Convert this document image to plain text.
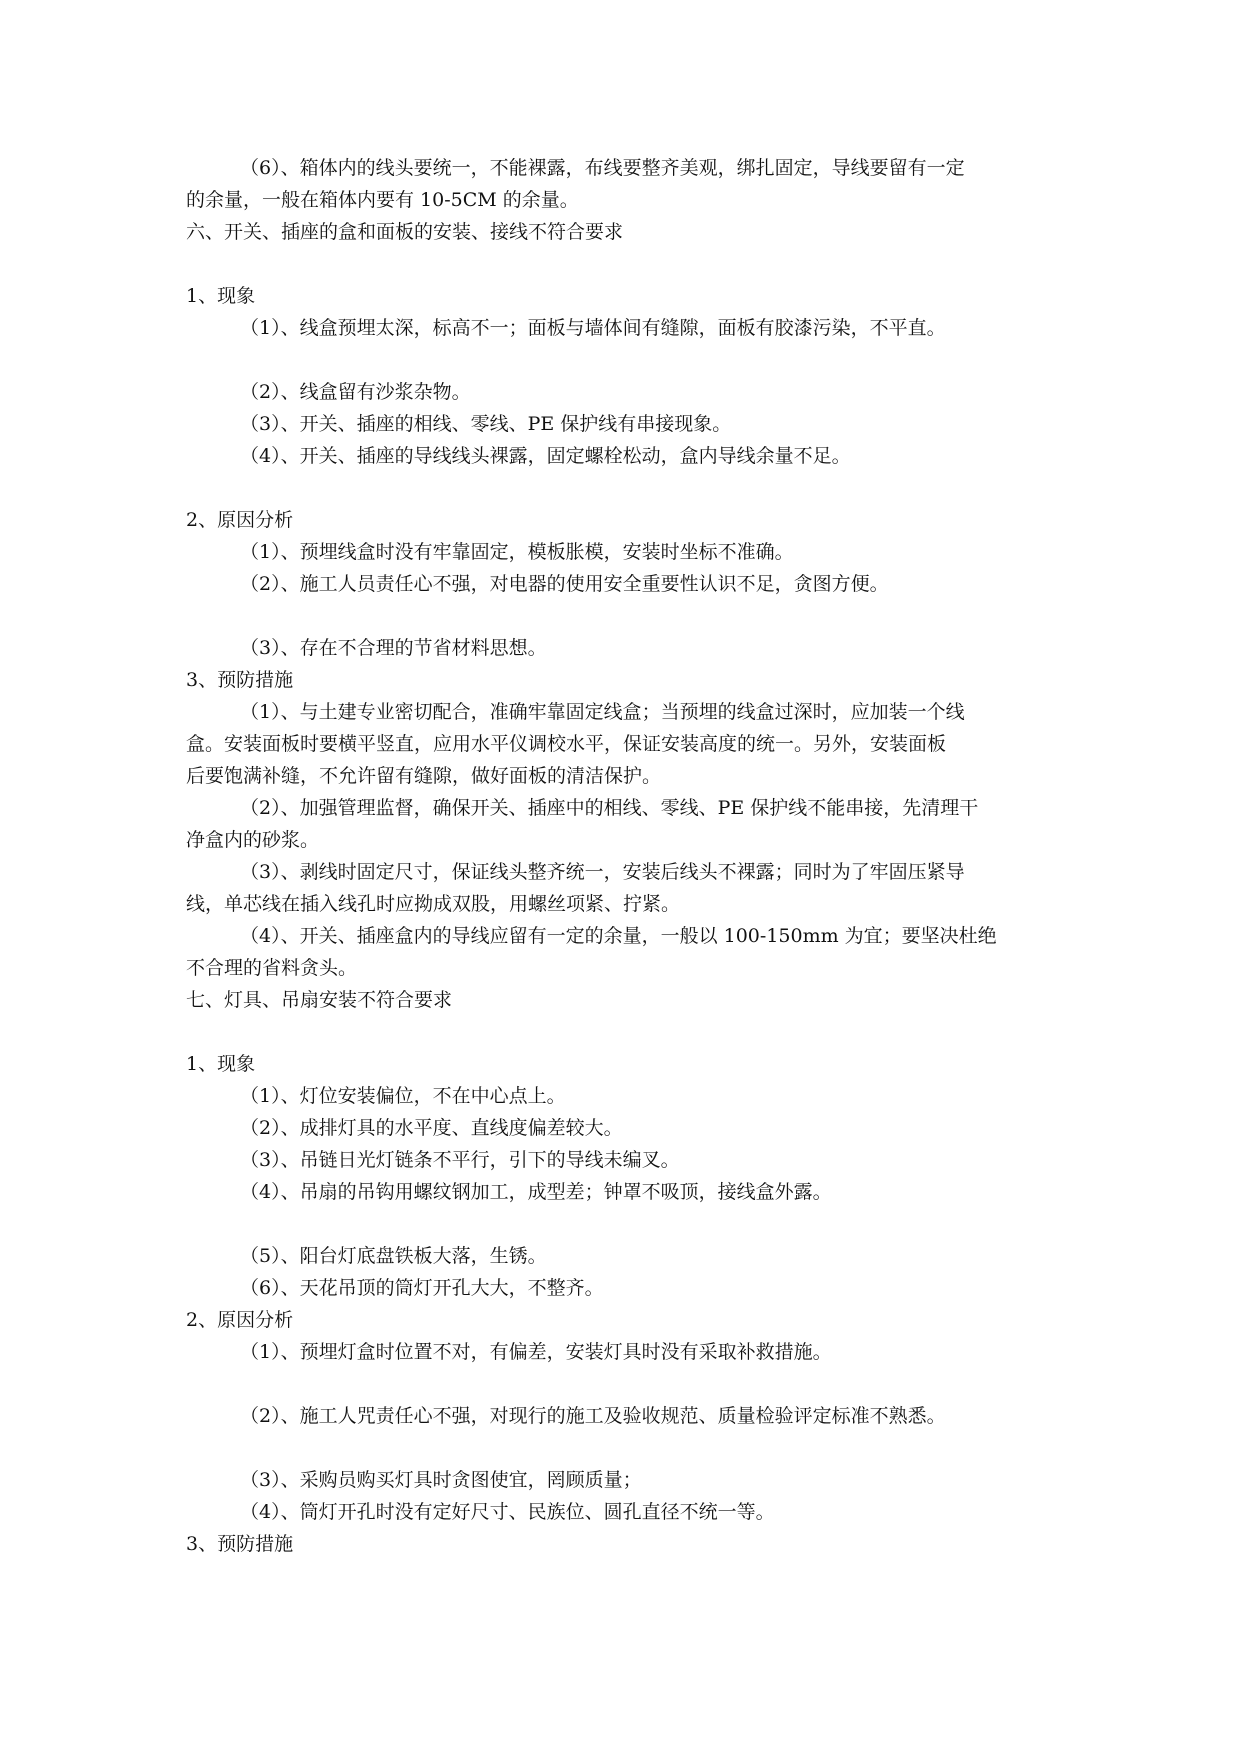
（6）、箱体内的线头要统一，不能裸露，布线要整齐美观，绑扎固定，导线要留有一定
的余量，一般在箱体内要有 10-5CM 的余量。
六、开关、插座的盒和面板的安装、接线不符合要求
1、现象
（1）、线盒预埋太深，标高不一；面板与墙体间有缝隙，面板有胶漆污染，不平直。
（2）、线盒留有沙浆杂物。
（3）、开关、插座的相线、零线、PE 保护线有串接现象。
（4）、开关、插座的导线线头裸露，固定螺栓松动，盒内导线余量不足。
2、原因分析
（1）、预埋线盒时没有牢靠固定，模板胀模，安装时坐标不准确。
（2）、施工人员责任心不强，对电器的使用安全重要性认识不足，贪图方便。
（3）、存在不合理的节省材料思想。
3、预防措施
（1）、与土建专业密切配合，准确牢靠固定线盒；当预埋的线盒过深时，应加装一个线
盒。安装面板时要横平竖直，应用水平仪调校水平，保证安装高度的统一。另外，安装面板
后要饱满补缝，不允许留有缝隙，做好面板的清洁保护。
（2）、加强管理监督，确保开关、插座中的相线、零线、PE 保护线不能串接，先清理干
净盒内的砂浆。
（3）、剥线时固定尺寸，保证线头整齐统一，安装后线头不裸露；同时为了牢固压紧导
线，单芯线在插入线孔时应拗成双股，用螺丝项紧、拧紧。
（4）、开关、插座盒内的导线应留有一定的余量，一般以 100-150mm 为宜；要坚决杜绝
不合理的省料贪头。
七、灯具、吊扇安装不符合要求
1、现象
（1）、灯位安装偏位，不在中心点上。
（2）、成排灯具的水平度、直线度偏差较大。
（3）、吊链日光灯链条不平行，引下的导线未编叉。
（4）、吊扇的吊钩用螺纹钢加工，成型差；钟罩不吸顶，接线盒外露。
（5）、阳台灯底盘铁板大落，生锈。
（6）、天花吊顶的筒灯开孔大大，不整齐。
2、原因分析
（1）、预埋灯盒时位置不对，有偏差，安装灯具时没有采取补救措施。
（2）、施工人咒责任心不强，对现行的施工及验收规范、质量检验评定标准不熟悉。
（3）、采购员购买灯具时贪图使宜，罔顾质量；
（4）、筒灯开孔时没有定好尺寸、民族位、圆孔直径不统一等。
3、预防措施
